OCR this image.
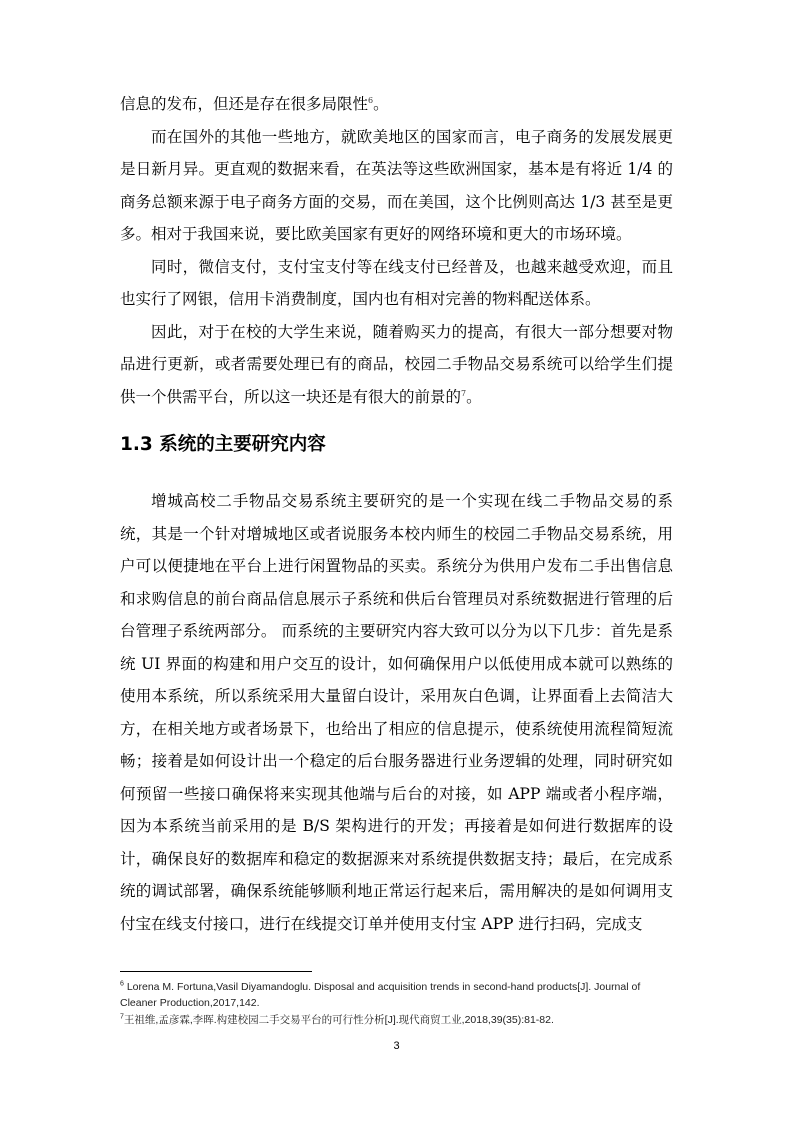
信息的发布，但还是存在很多局限性$^6$。

而在国外的其他一些地方，就欧美地区的国家而言，电子商务的发展发展更是日新月异。更直观的数据来看，在英法等这些欧洲国家，基本是有将近 1/4 的商务总额来源于电子商务方面的交易，而在美国，这个比例则高达 1/3 甚至是更多。相对于我国来说，要比欧美国家有更好的网络环境和更大的市场环境。

同时，微信支付，支付宝支付等在线支付已经普及，也越来越受欢迎，而且也实行了网银，信用卡消费制度，国内也有相对完善的物料配送体系。

因此，对于在校的大学生来说，随着购买力的提高，有很大一部分想要对物品进行更新，或者需要处理已有的商品，校园二手物品交易系统可以给学生们提供一个供需平台，所以这一块还是有很大的前景的$^7$。

1.3 系统的主要研究内容

增城高校二手物品交易系统主要研究的是一个实现在线二手物品交易的系统，其是一个针对增城地区或者说服务本校内师生的校园二手物品交易系统，用户可以便捷地在平台上进行闲置物品的买卖。系统分为供用户发布二手出售信息和求购信息的前台商品信息展示子系统和供后台管理员对系统数据进行管理的后台管理子系统两部分。 而系统的主要研究内容大致可以分为以下几步：首先是系统 UI 界面的构建和用户交互的设计，如何确保用户以低使用成本就可以熟练的使用本系统，所以系统采用大量留白设计，采用灰白色调，让界面看上去简洁大方，在相关地方或者场景下，也给出了相应的信息提示，使系统使用流程简短流畅；接着是如何设计出一个稳定的后台服务器进行业务逻辑的处理，同时研究如何预留一些接口确保将来实现其他端与后台的对接，如 APP 端或者小程序端，因为本系统当前采用的是 B/S 架构进行的开发；再接着是如何进行数据库的设计，确保良好的数据库和稳定的数据源来对系统提供数据支持；最后，在完成系统的调试部署，确保系统能够顺利地正常运行起来后，需用解决的是如何调用支付宝在线支付接口，进行在线提交订单并使用支付宝 APP 进行扫码，完成支

$^6$ Lorena M. Fortuna,Vasil Diyamandoglu. Disposal and acquisition trends in second-hand products[J]. Journal of Cleaner Production,2017,142.

$^7$王祖维,孟彦霖,李晖.构建校园二手交易平台的可行性分析[J].现代商贸工业,2018,39(35):81-82.

3
